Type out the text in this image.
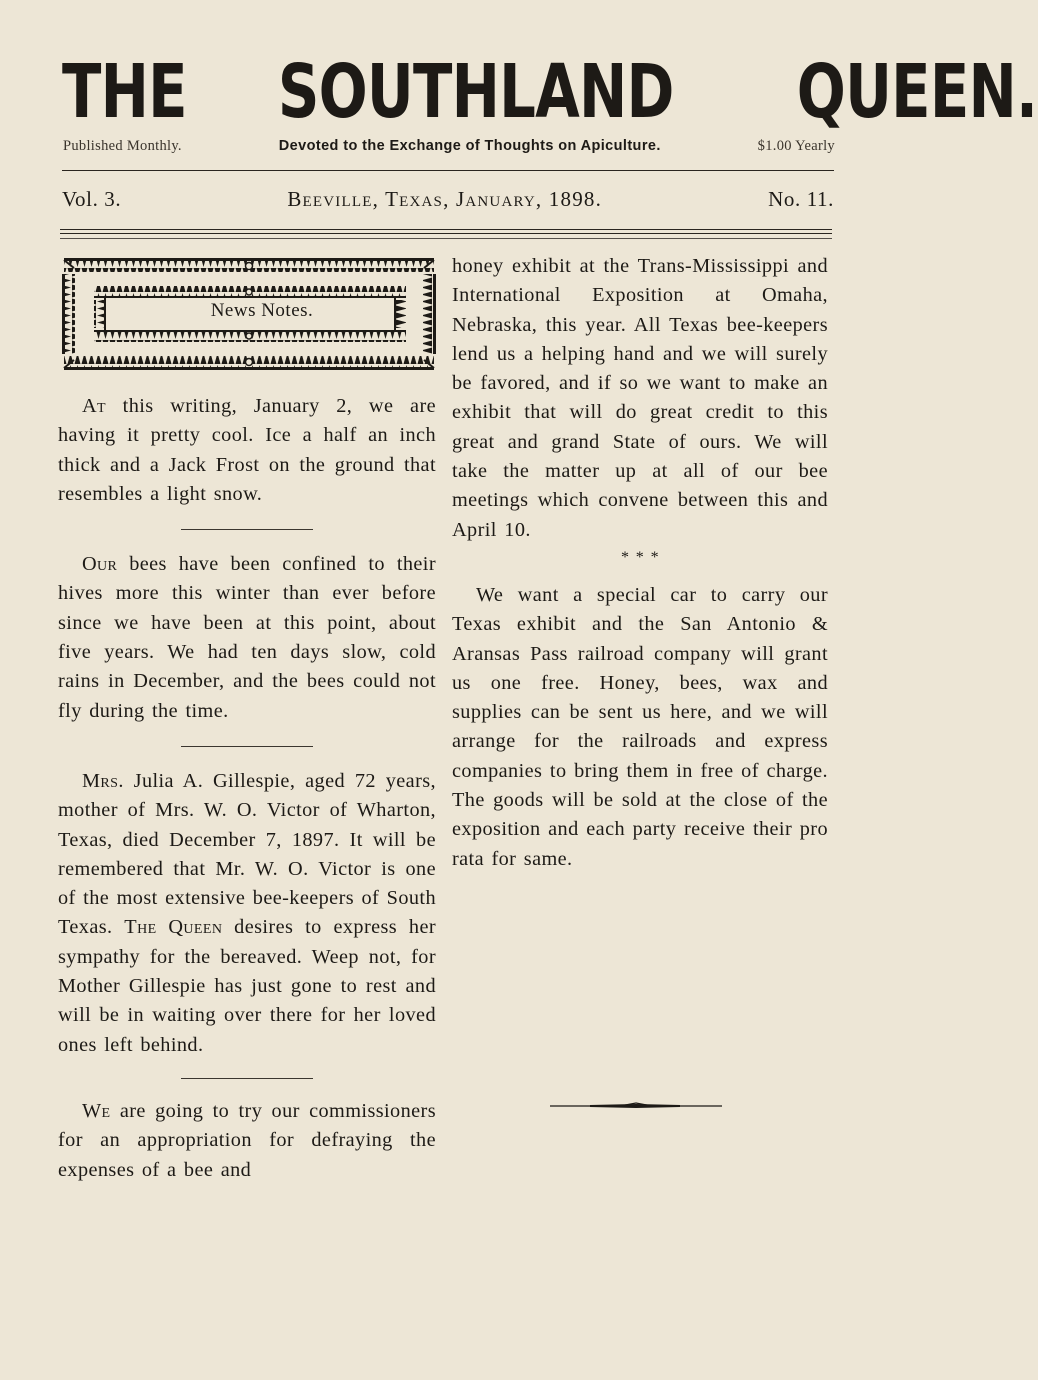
THE SOUTHLAND QUEEN.
Published Monthly.	Devoted to the Exchange of Thoughts on Apiculture.	$1.00 Yearly
Vol. 3.	Beeville, Texas, January, 1898.	No. 11.
News Notes.

At this writing, January 2, we are having it pretty cool. Ice a half an inch thick and a Jack Frost on the ground that resembles a light snow.

Our bees have been confined to their hives more this winter than ever before since we have been at this point, about five years. We had ten days slow, cold rains in December, and the bees could not fly during the time.

Mrs. Julia A. Gillespie, aged 72 years, mother of Mrs. W. O. Victor of Wharton, Texas, died December 7, 1897. It will be remembered that Mr. W. O. Victor is one of the most extensive bee-keepers of South Texas. The Queen desires to express her sympathy for the bereaved. Weep not, for Mother Gillespie has just gone to rest and will be in waiting over there for her loved ones left behind.

We are going to try our commissioners for an appropriation for defraying the expenses of a bee and

honey exhibit at the Trans-Mississippi and International Exposition at Omaha, Nebraska, this year. All Texas bee-keepers lend us a helping hand and we will surely be favored, and if so we want to make an exhibit that will do great credit to this great and grand State of ours. We will take the matter up at all of our bee meetings which convene between this and April 10.

* * *

We want a special car to carry our Texas exhibit and the San Antonio & Aransas Pass railroad company will grant us one free. Honey, bees, wax and supplies can be sent us here, and we will arrange for the railroads and express companies to bring them in free of charge. The goods will be sold at the close of the exposition and each party receive their pro rata for same.
